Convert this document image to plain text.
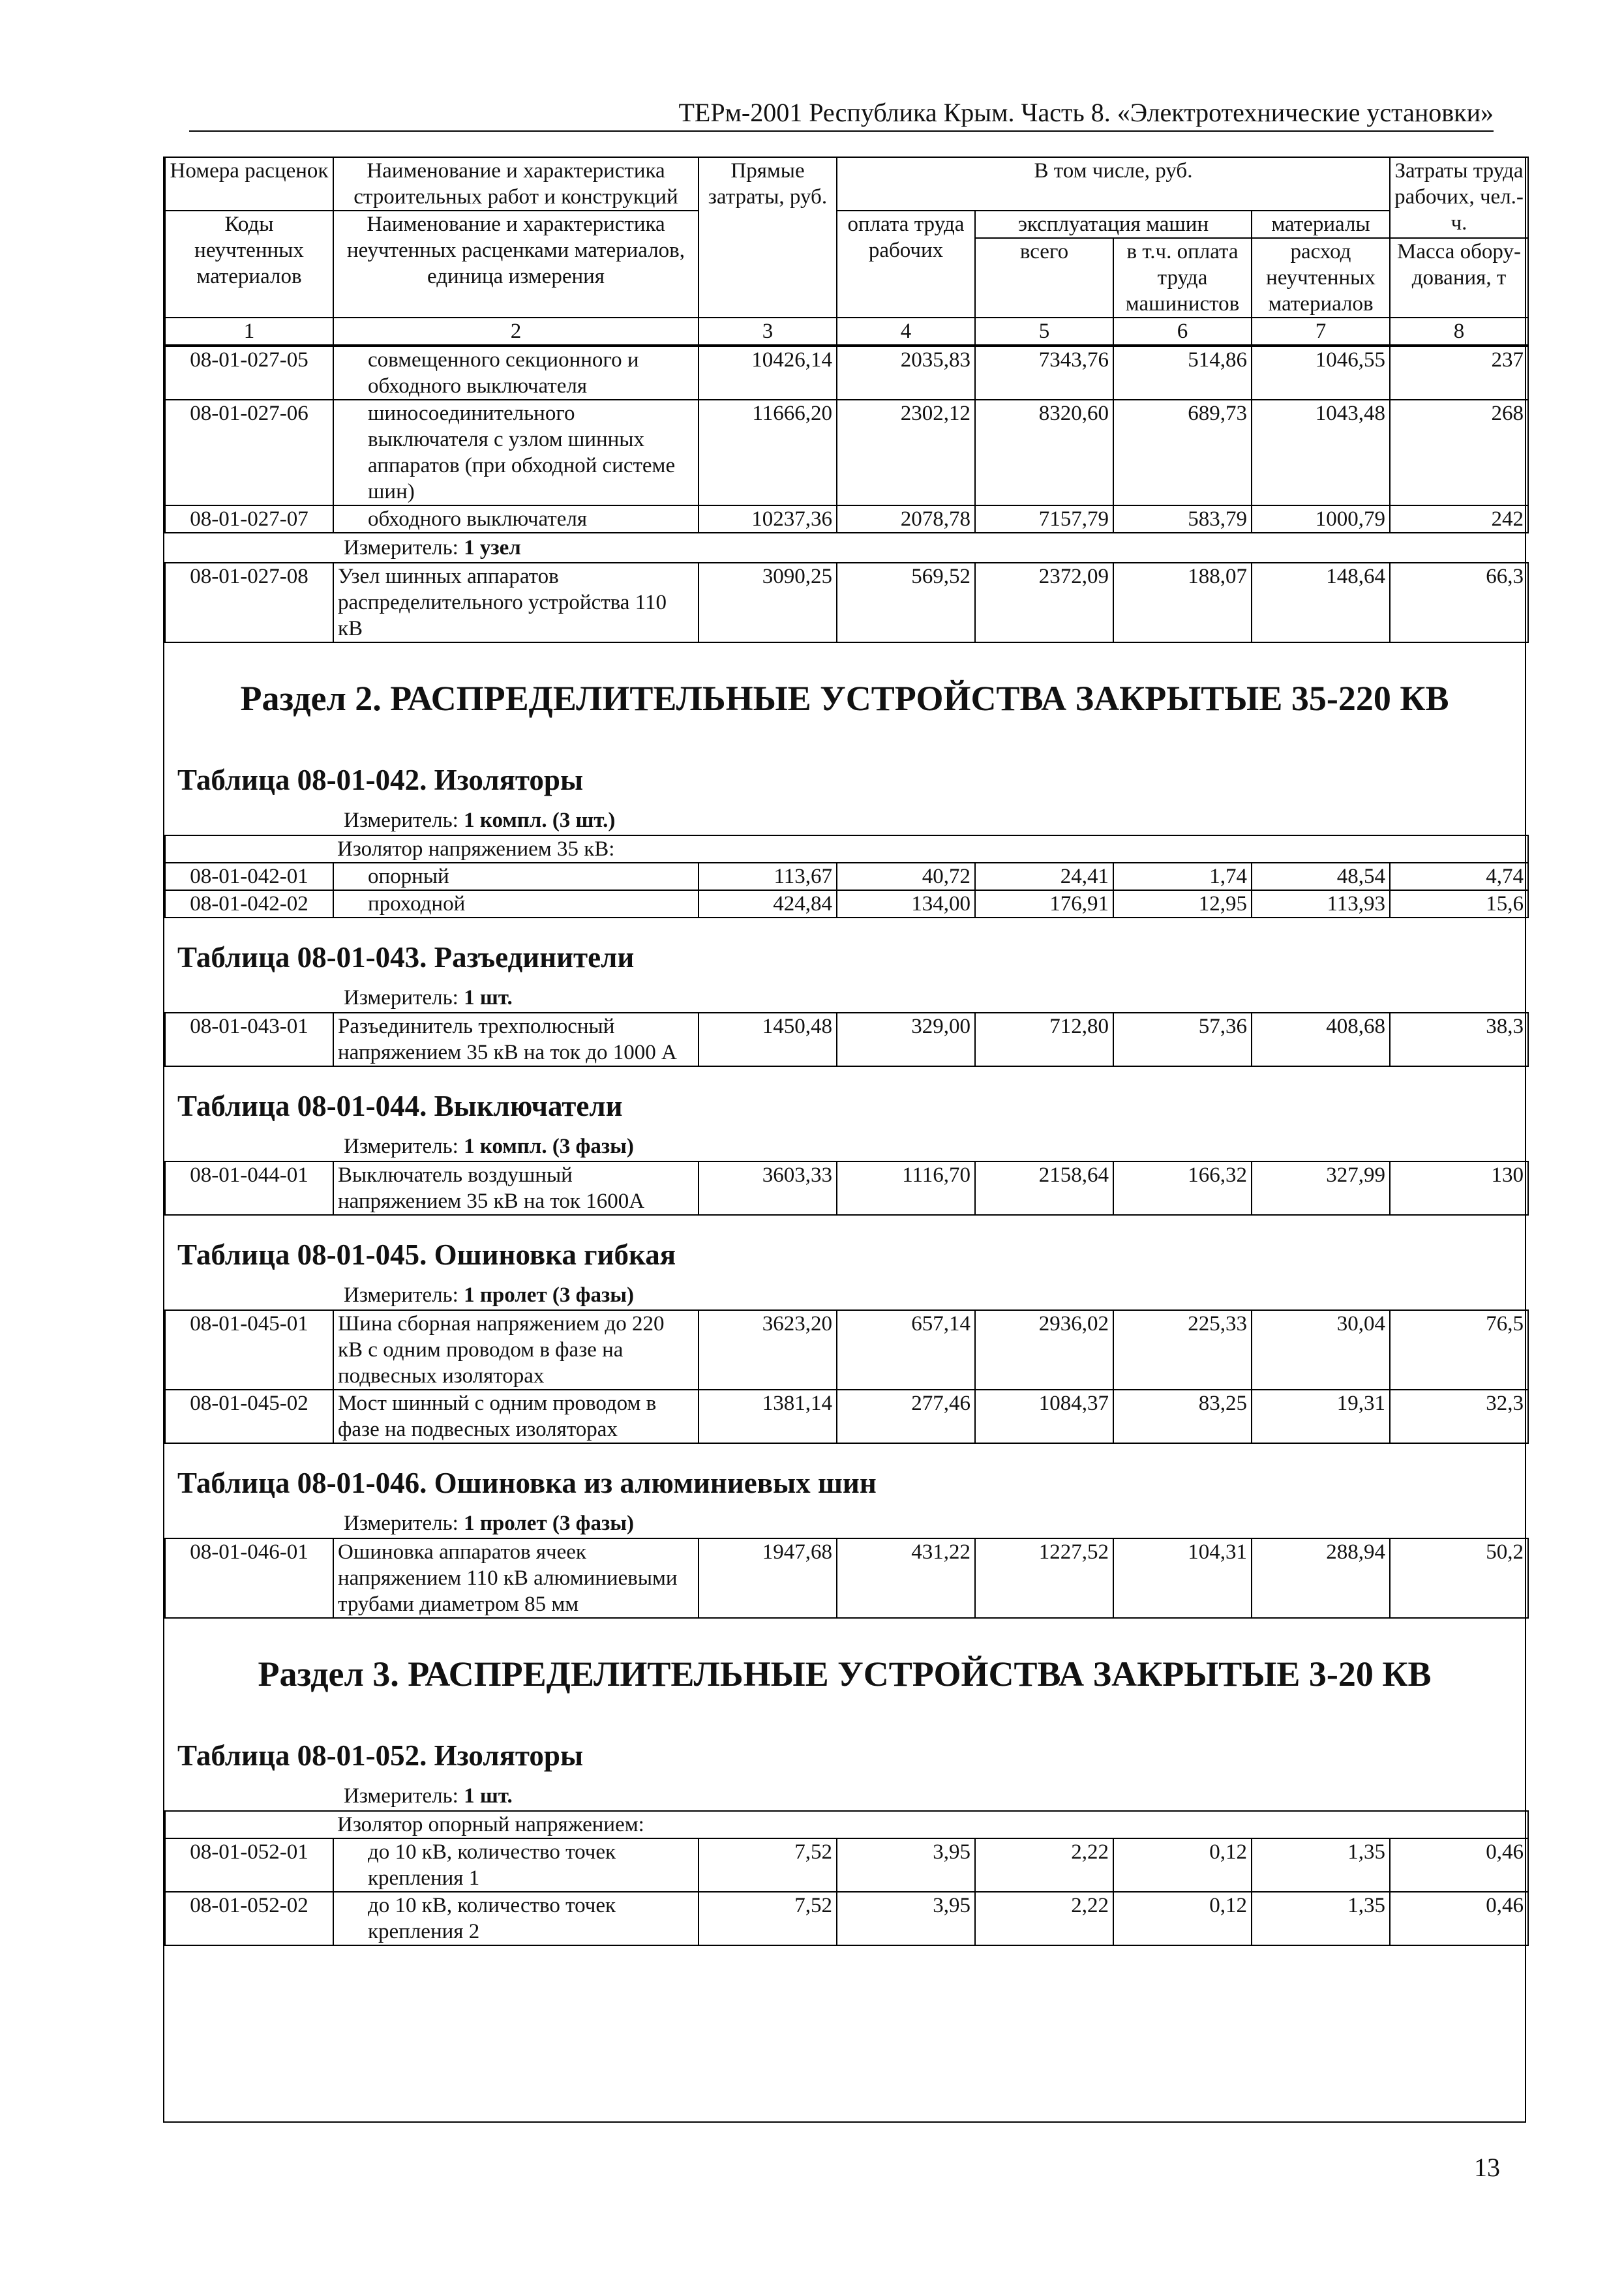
ТЕРм-2001 Республика Крым. Часть 8. «Электротехнические установки»
Номера расценок	Наименование и характеристика строительных работ и конструкций	Прямые затраты, руб.	В том числе, руб.				Затраты труда рабочих, чел.-ч.
Коды неучтенных материалов	Наименование и характеристика неучтенных расценками материалов, единица измерения		оплата труда рабочих	эксплуатация машин		материалы	
				всего	в т.ч. оплата труда машинистов	расход неучтенных материалов	Масса обору-дования, т
1	2	3	4	5	6	7	8
08-01-027-05	совмещенного секционного и обходного выключателя	10426,14	2035,83	7343,76	514,86	1046,55	237
08-01-027-06	шиносоединительного выключателя с узлом шинных аппаратов (при обходной системе шин)	11666,20	2302,12	8320,60	689,73	1043,48	268
08-01-027-07	обходного выключателя	10237,36	2078,78	7157,79	583,79	1000,79	242
Измеритель: 1 узел
08-01-027-08	Узел шинных аппаратов распределительного устройства 110 кВ	3090,25	569,52	2372,09	188,07	148,64	66,3
Раздел 2. РАСПРЕДЕЛИТЕЛЬНЫЕ УСТРОЙСТВА ЗАКРЫТЫЕ 35-220 КВ
Таблица 08-01-042. Изоляторы
Измеритель: 1 компл. (3 шт.)
	Изолятор напряжением 35 кВ:						
08-01-042-01	опорный	113,67	40,72	24,41	1,74	48,54	4,74
08-01-042-02	проходной	424,84	134,00	176,91	12,95	113,93	15,6
Таблица 08-01-043. Разъединители
Измеритель: 1 шт.
08-01-043-01	Разъединитель трехполюсный напряжением 35 кВ на ток до 1000 А	1450,48	329,00	712,80	57,36	408,68	38,3
Таблица 08-01-044. Выключатели
Измеритель: 1 компл. (3 фазы)
08-01-044-01	Выключатель воздушный напряжением 35 кВ на ток 1600А	3603,33	1116,70	2158,64	166,32	327,99	130
Таблица 08-01-045. Ошиновка гибкая
Измеритель: 1 пролет (3 фазы)
08-01-045-01	Шина сборная напряжением до 220 кВ с одним проводом в фазе на подвесных изоляторах	3623,20	657,14	2936,02	225,33	30,04	76,5
08-01-045-02	Мост шинный с одним проводом в фазе на подвесных изоляторах	1381,14	277,46	1084,37	83,25	19,31	32,3
Таблица 08-01-046. Ошиновка из алюминиевых шин
Измеритель: 1 пролет (3 фазы)
08-01-046-01	Ошиновка аппаратов ячеек напряжением 110 кВ алюминиевыми трубами диаметром 85 мм	1947,68	431,22	1227,52	104,31	288,94	50,2
Раздел 3. РАСПРЕДЕЛИТЕЛЬНЫЕ УСТРОЙСТВА ЗАКРЫТЫЕ 3-20 КВ
Таблица 08-01-052. Изоляторы
Измеритель: 1 шт.
	Изолятор опорный напряжением:						
08-01-052-01	до 10 кВ, количество точек крепления 1	7,52	3,95	2,22	0,12	1,35	0,46
08-01-052-02	до 10 кВ, количество точек крепления 2	7,52	3,95	2,22	0,12	1,35	0,46
13
